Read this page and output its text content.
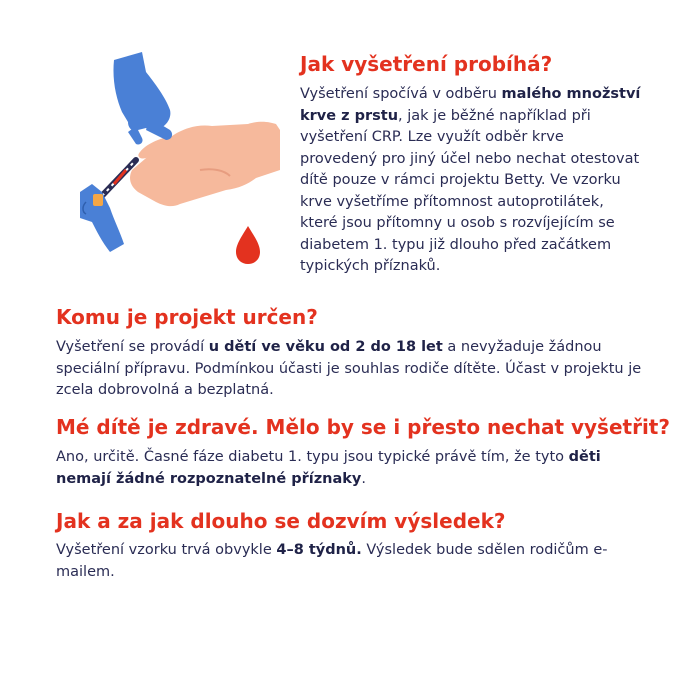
Jak vyšetření probíhá?

Vyšetření spočívá v odběru malého množství krve z prstu, jak je běžné například při vyšetření CRP. Lze využít odběr krve provedený pro jiný účel nebo nechat otestovat dítě pouze v rámci projektu Betty. Ve vzorku krve vyšetříme přítomnost autoprotilátek, které jsou přítomny u osob s rozvíjejícím se diabetem 1. typu již dlouho před začátkem typických příznaků.

Komu je projekt určen?

Vyšetření se provádí u dětí ve věku od 2 do 18 let a nevyžaduje žádnou speciální přípravu. Podmínkou účasti je souhlas rodiče dítěte. Účast v projektu je zcela dobrovolná a bezplatná.

Mé dítě je zdravé. Mělo by se i přesto nechat vyšetřit?

Ano, určitě. Časné fáze diabetu 1. typu jsou typické právě tím, že tyto děti nemají žádné rozpoznatelné příznaky.

Jak a za jak dlouho se dozvím výsledek?

Vyšetření vzorku trvá obvykle 4–8 týdnů. Výsledek bude sdělen rodičům e-mailem.
